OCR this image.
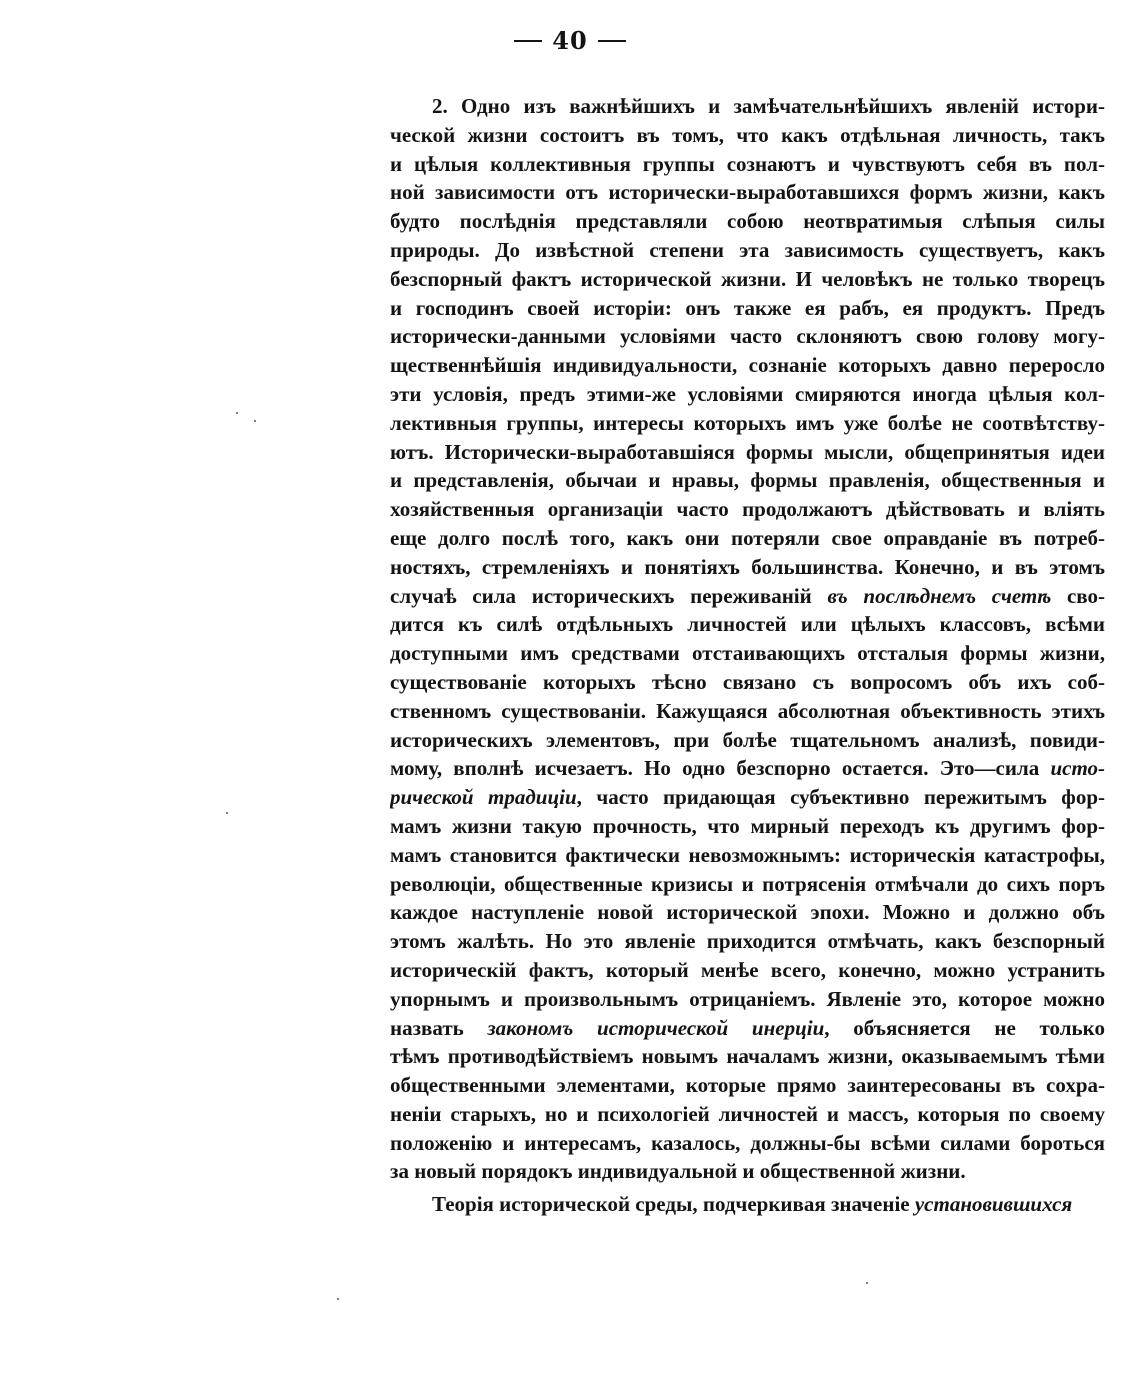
40
2. Одно изъ важнѣйшихъ и замѣчательнѣйшихъ явленій истори-
ческой жизни состоитъ въ томъ, что какъ отдѣльная личность, такъ
и цѣлыя коллективныя группы сознаютъ и чувствуютъ себя въ пол-
ной зависимости отъ исторически-выработавшихся формъ жизни, какъ
будто послѣднія представляли собою неотвратимыя слѣпыя силы
природы. До извѣстной степени эта зависимость существуетъ, какъ
безспорный фактъ исторической жизни. И человѣкъ не только творецъ
и господинъ своей исторіи: онъ также ея рабъ, ея продуктъ. Предъ
исторически-данными условіями часто склоняютъ свою голову могу-
щественнѣйшія индивидуальности, сознаніе которыхъ давно переросло
эти условія, предъ этими-же условіями смиряются иногда цѣлыя кол-
лективныя группы, интересы которыхъ имъ уже болѣе не соотвѣтству-
ютъ. Исторически-выработавшіяся формы мысли, общепринятыя идеи
и представленія, обычаи и нравы, формы правленія, общественныя и
хозяйственныя организаціи часто продолжаютъ дѣйствовать и вліять
еще долго послѣ того, какъ они потеряли свое оправданіе въ потреб-
ностяхъ, стремленіяхъ и понятіяхъ большинства. Конечно, и въ этомъ
случаѣ сила историческихъ переживаній въ послѣднемъ счетѣ сво-
дится къ силѣ отдѣльныхъ личностей или цѣлыхъ классовъ, всѣми
доступными имъ средствами отстаивающихъ отсталыя формы жизни,
существованіе которыхъ тѣсно связано съ вопросомъ объ ихъ соб-
ственномъ существованіи. Кажущаяся абсолютная объективность этихъ
историческихъ элементовъ, при болѣе тщательномъ анализѣ, повиди-
мому, вполнѣ исчезаетъ. Но одно безспорно остается. Это—сила исто-
рической традиціи, часто придающая субъективно пережитымъ фор-
мамъ жизни такую прочность, что мирный переходъ къ другимъ фор-
мамъ становится фактически невозможнымъ: историческія катастрофы,
революціи, общественные кризисы и потрясенія отмѣчали до сихъ поръ
каждое наступленіе новой исторической эпохи. Можно и должно объ
этомъ жалѣть. Но это явленіе приходится отмѣчать, какъ безспорный
историческій фактъ, который менѣе всего, конечно, можно устранить
упорнымъ и произвольнымъ отрицаніемъ. Явленіе это, которое можно
назвать закономъ исторической инерціи, объясняется не только
тѣмъ противодѣйствіемъ новымъ началамъ жизни, оказываемымъ тѣми
общественными элементами, которые прямо заинтересованы въ сохра-
неніи старыхъ, но и психологіей личностей и массъ, которыя по своему
положенію и интересамъ, казалось, должны-бы всѣми силами бороться
за новый порядокъ индивидуальной и общественной жизни.
Теорія исторической среды, подчеркивая значеніе установившихся
